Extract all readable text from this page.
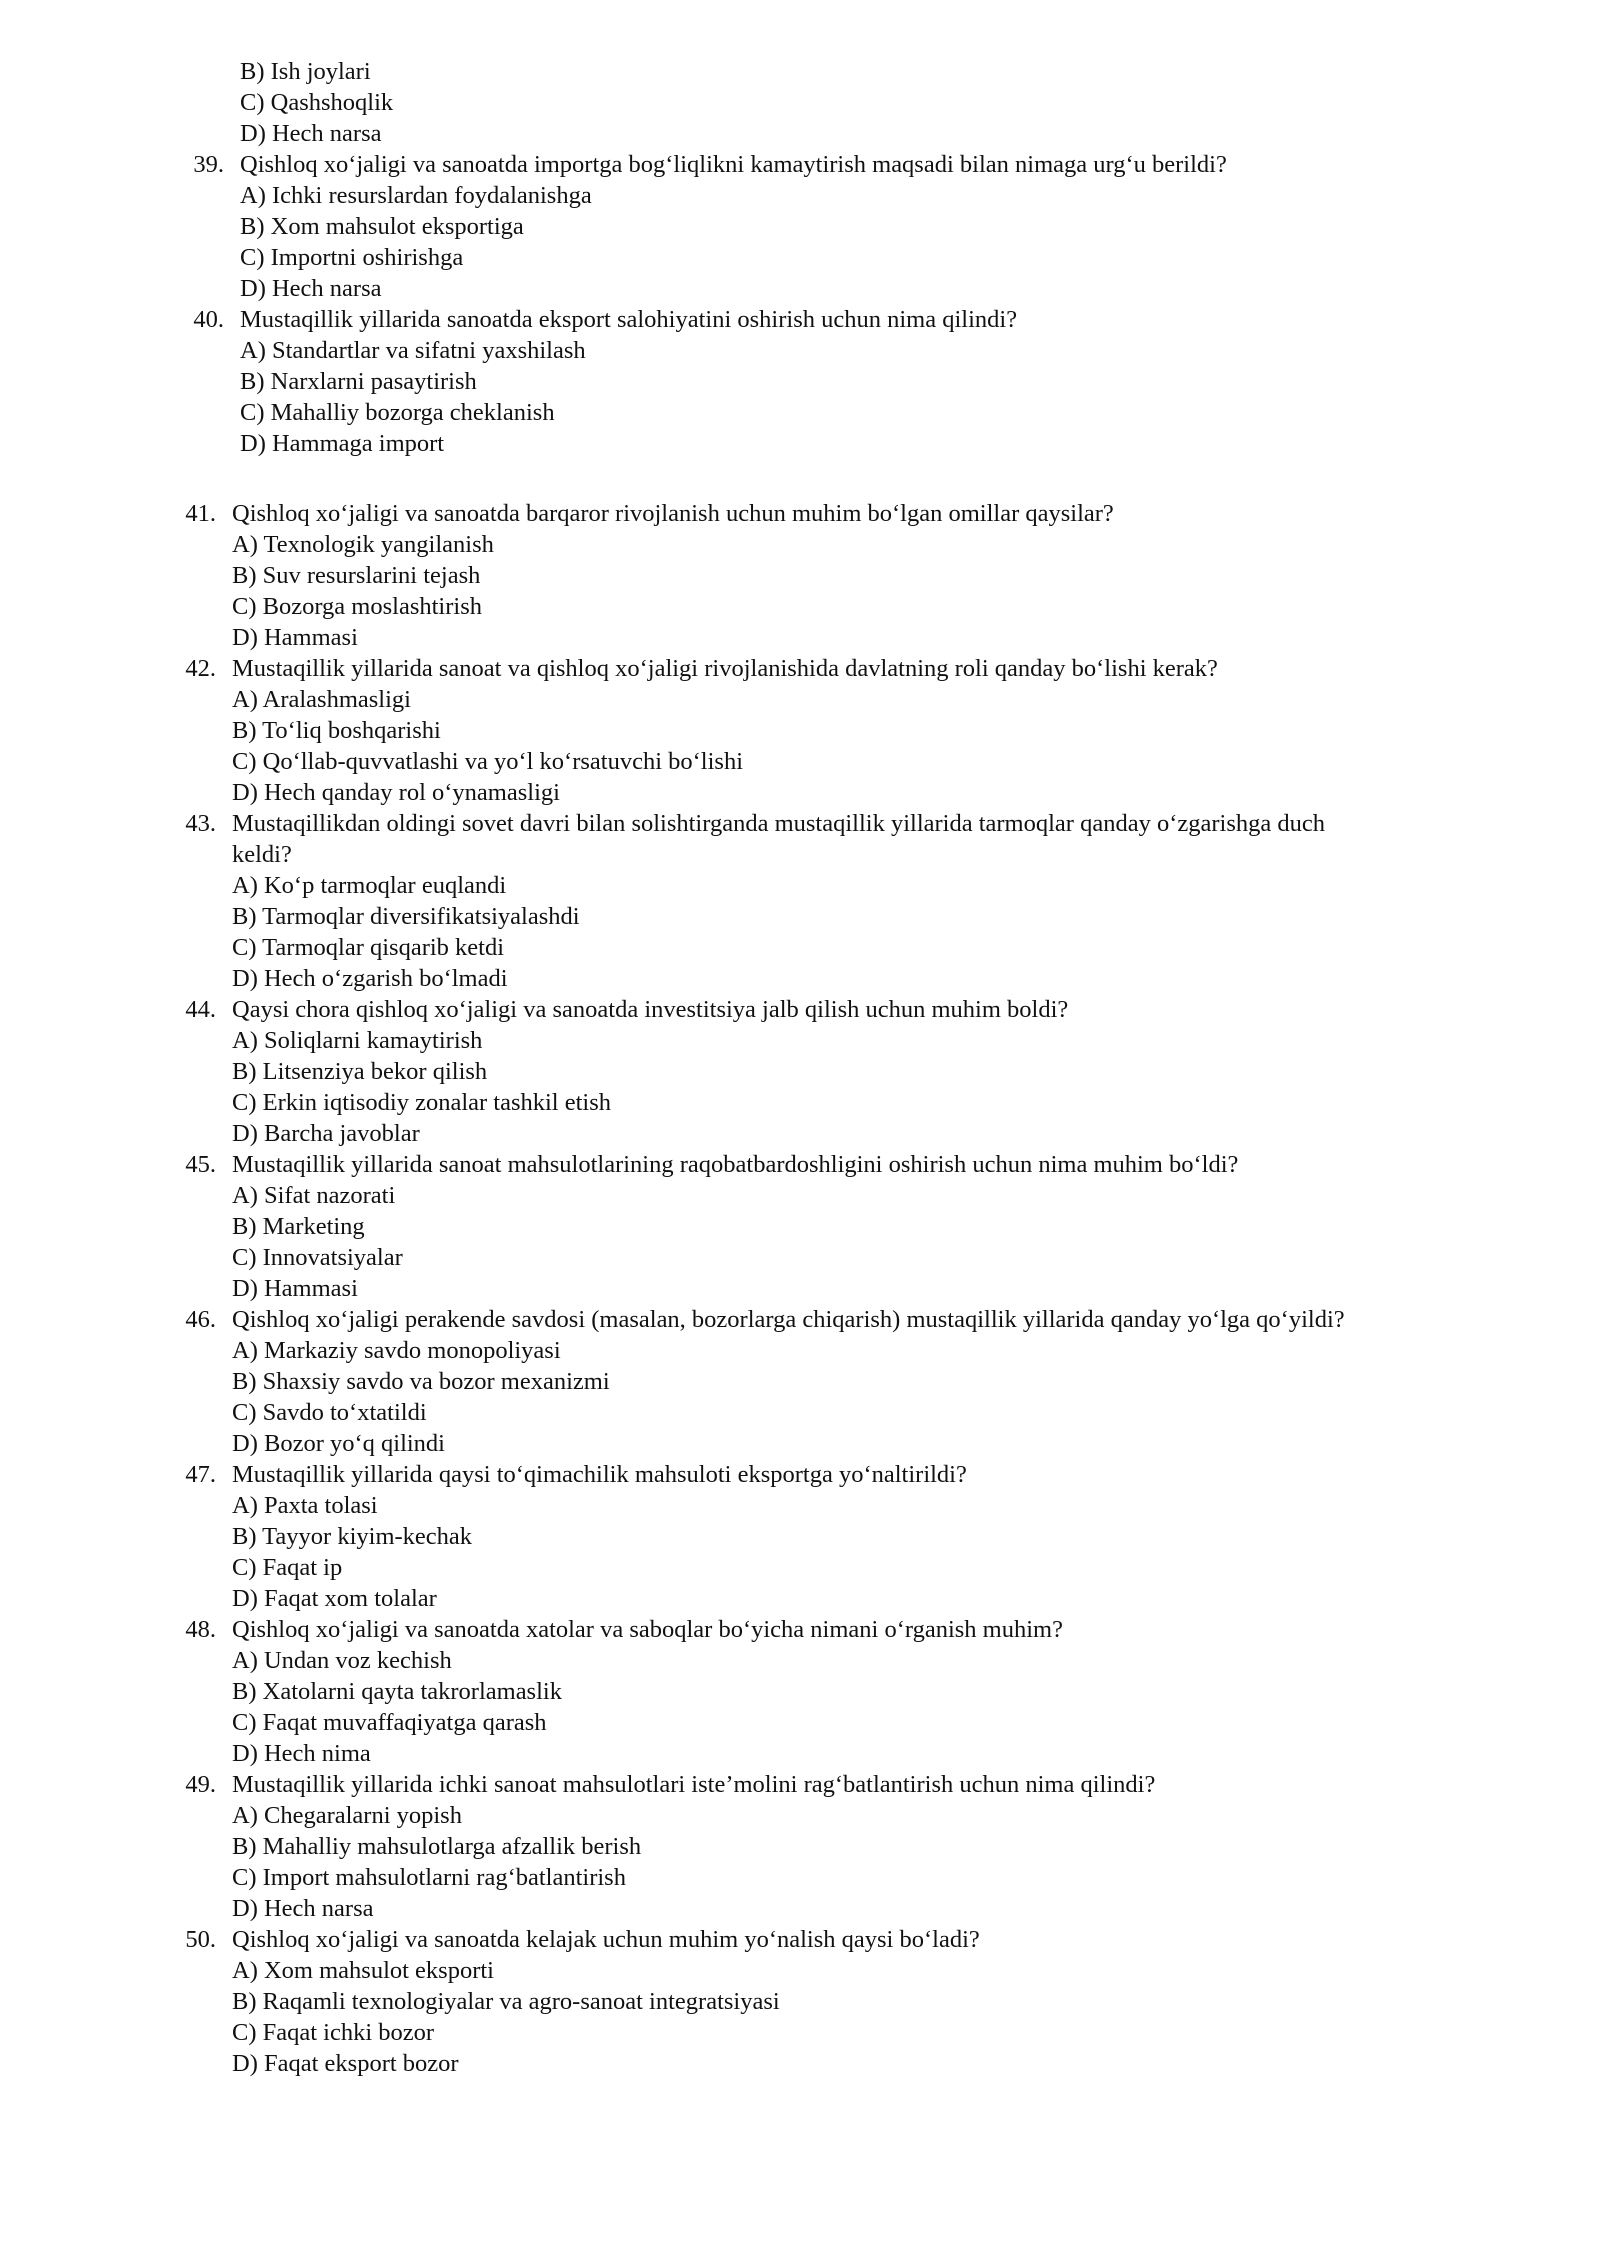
B) Ish joylari
C) Qashshoqlik
D) Hech narsa
39. Qishloq xo‘jaligi va sanoatda importga bog‘liqlikni kamaytirish maqsadi bilan nimaga urg‘u berildi?
A) Ichki resurslardan foydalanishga
B) Xom mahsulot eksportiga
C) Importni oshirishga
D) Hech narsa
40. Mustaqillik yillarida sanoatda eksport salohiyatini oshirish uchun nima qilindi?
A) Standartlar va sifatni yaxshilash
B) Narxlarni pasaytirish
C) Mahalliy bozorga cheklanish
D) Hammaga import
41. Qishloq xo‘jaligi va sanoatda barqaror rivojlanish uchun muhim bo‘lgan omillar qaysilar?
A) Texnologik yangilanish
B) Suv resurslarini tejash
C) Bozorga moslashtirish
D) Hammasi
42. Mustaqillik yillarida sanoat va qishloq xo‘jaligi rivojlanishida davlatning roli qanday bo‘lishi kerak?
A) Aralashmasligi
B) To‘liq boshqarishi
C) Qo‘llab-quvvatlashi va yo‘l ko‘rsatuvchi bo‘lishi
D) Hech qanday rol o‘ynamasligi
43. Mustaqillikdan oldingi sovet davri bilan solishtirganda mustaqillik yillarida tarmoqlar qanday o‘zgarishga duch
keldi?
A) Ko‘p tarmoqlar euqlandi
B) Tarmoqlar diversifikatsiyalashdi
C) Tarmoqlar qisqarib ketdi
D) Hech o‘zgarish bo‘lmadi
44. Qaysi chora qishloq xo‘jaligi va sanoatda investitsiya jalb qilish uchun muhim boldi?
A) Soliqlarni kamaytirish
B) Litsenziya bekor qilish
C) Erkin iqtisodiy zonalar tashkil etish
D) Barcha javoblar
45. Mustaqillik yillarida sanoat mahsulotlarining raqobatbardoshligini oshirish uchun nima muhim bo‘ldi?
A) Sifat nazorati
B) Marketing
C) Innovatsiyalar
D) Hammasi
46. Qishloq xo‘jaligi perakende savdosi (masalan, bozorlarga chiqarish) mustaqillik yillarida qanday yo‘lga qo‘yildi?
A) Markaziy savdo monopoliyasi
B) Shaxsiy savdo va bozor mexanizmi
C) Savdo to‘xtatildi
D) Bozor yo‘q qilindi
47. Mustaqillik yillarida qaysi to‘qimachilik mahsuloti eksportga yo‘naltirildi?
A) Paxta tolasi
B) Tayyor kiyim-kechak
C) Faqat ip
D) Faqat xom tolalar
48. Qishloq xo‘jaligi va sanoatda xatolar va saboqlar bo‘yicha nimani o‘rganish muhim?
A) Undan voz kechish
B) Xatolarni qayta takrorlamaslik
C) Faqat muvaffaqiyatga qarash
D) Hech nima
49. Mustaqillik yillarida ichki sanoat mahsulotlari iste’molini rag‘batlantirish uchun nima qilindi?
A) Chegaralarni yopish
B) Mahalliy mahsulotlarga afzallik berish
C) Import mahsulotlarni rag‘batlantirish
D) Hech narsa
50. Qishloq xo‘jaligi va sanoatda kelajak uchun muhim yo‘nalish qaysi bo‘ladi?
A) Xom mahsulot eksporti
B) Raqamli texnologiyalar va agro-sanoat integratsiyasi
C) Faqat ichki bozor
D) Faqat eksport bozor
